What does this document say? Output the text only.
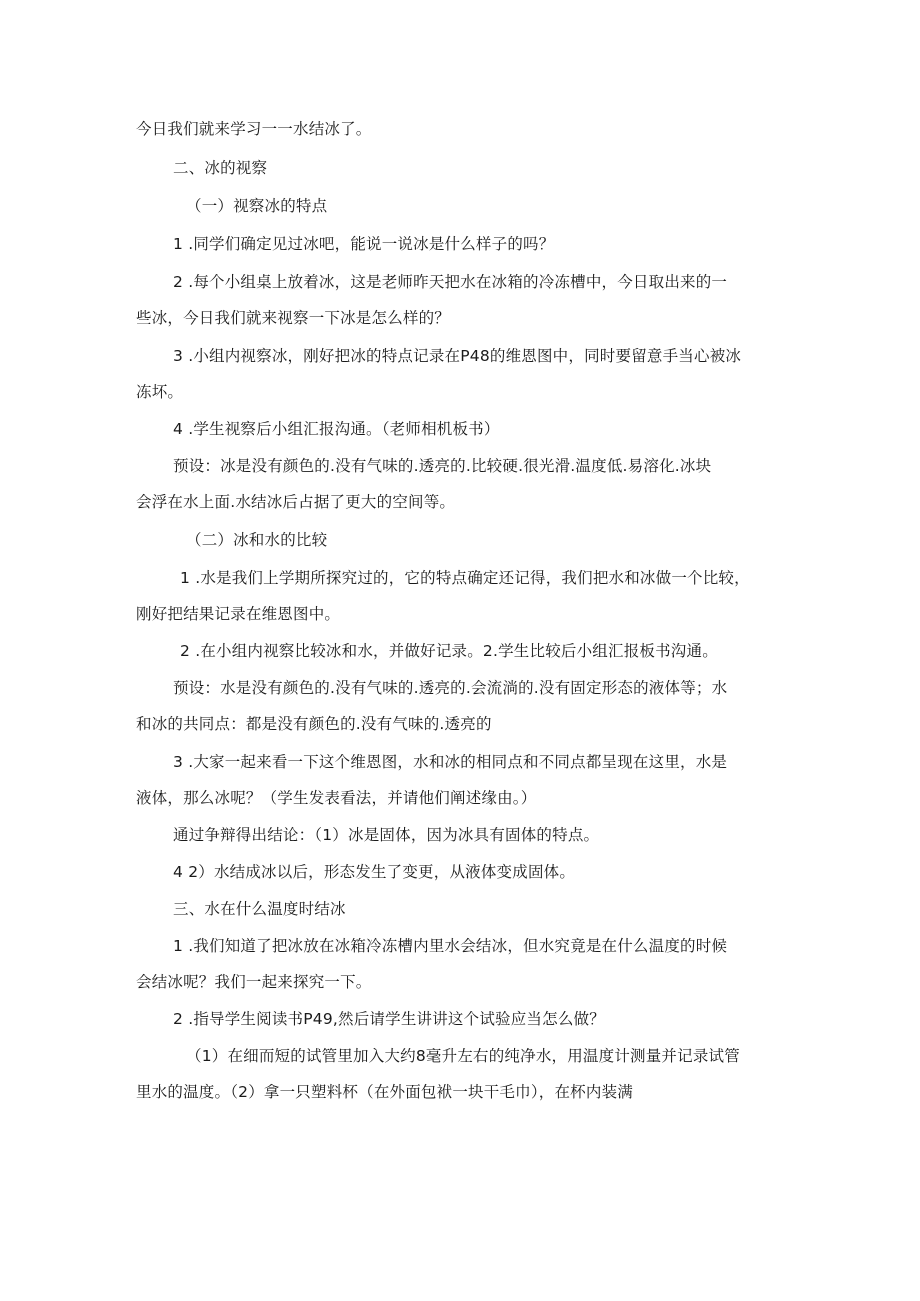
今日我们就来学习一一水结冰了。
二、冰的视察
（一）视察冰的特点
1 .同学们确定见过冰吧，能说一说冰是什么样子的吗？
2 .每个小组桌上放着冰，这是老师昨天把水在冰箱的冷冻槽中，今日取出来的一
些冰，今日我们就来视察一下冰是怎么样的？
3 .小组内视察冰，刚好把冰的特点记录在P48的维恩图中，同时要留意手当心被冰
冻坏。
4 .学生视察后小组汇报沟通。（老师相机板书）
预设：冰是没有颜色的.没有气味的.透亮的.比较硬.很光滑.温度低.易溶化.冰块
会浮在水上面.水结冰后占据了更大的空间等。
（二）冰和水的比较
1 .水是我们上学期所探究过的，它的特点确定还记得，我们把水和冰做一个比较，
刚好把结果记录在维恩图中。
2 .在小组内视察比较冰和水，并做好记录。2.学生比较后小组汇报板书沟通。
预设：水是没有颜色的.没有气味的.透亮的.会流淌的.没有固定形态的液体等；水
和冰的共同点：都是没有颜色的.没有气味的.透亮的
3 .大家一起来看一下这个维恩图，水和冰的相同点和不同点都呈现在这里，水是
液体，那么冰呢？（学生发表看法，并请他们阐述缘由。）
通过争辩得出结论：（1）冰是固体，因为冰具有固体的特点。
4 2）水结成冰以后，形态发生了变更，从液体变成固体。
三、水在什么温度时结冰
1 .我们知道了把冰放在冰箱冷冻槽内里水会结冰，但水究竟是在什么温度的时候
会结冰呢？我们一起来探究一下。
2 .指导学生阅读书P49,然后请学生讲讲这个试验应当怎么做？
（1）在细而短的试管里加入大约8毫升左右的纯净水，用温度计测量并记录试管
里水的温度。（2）拿一只塑料杯（在外面包袱一块干毛巾），在杯内装满
